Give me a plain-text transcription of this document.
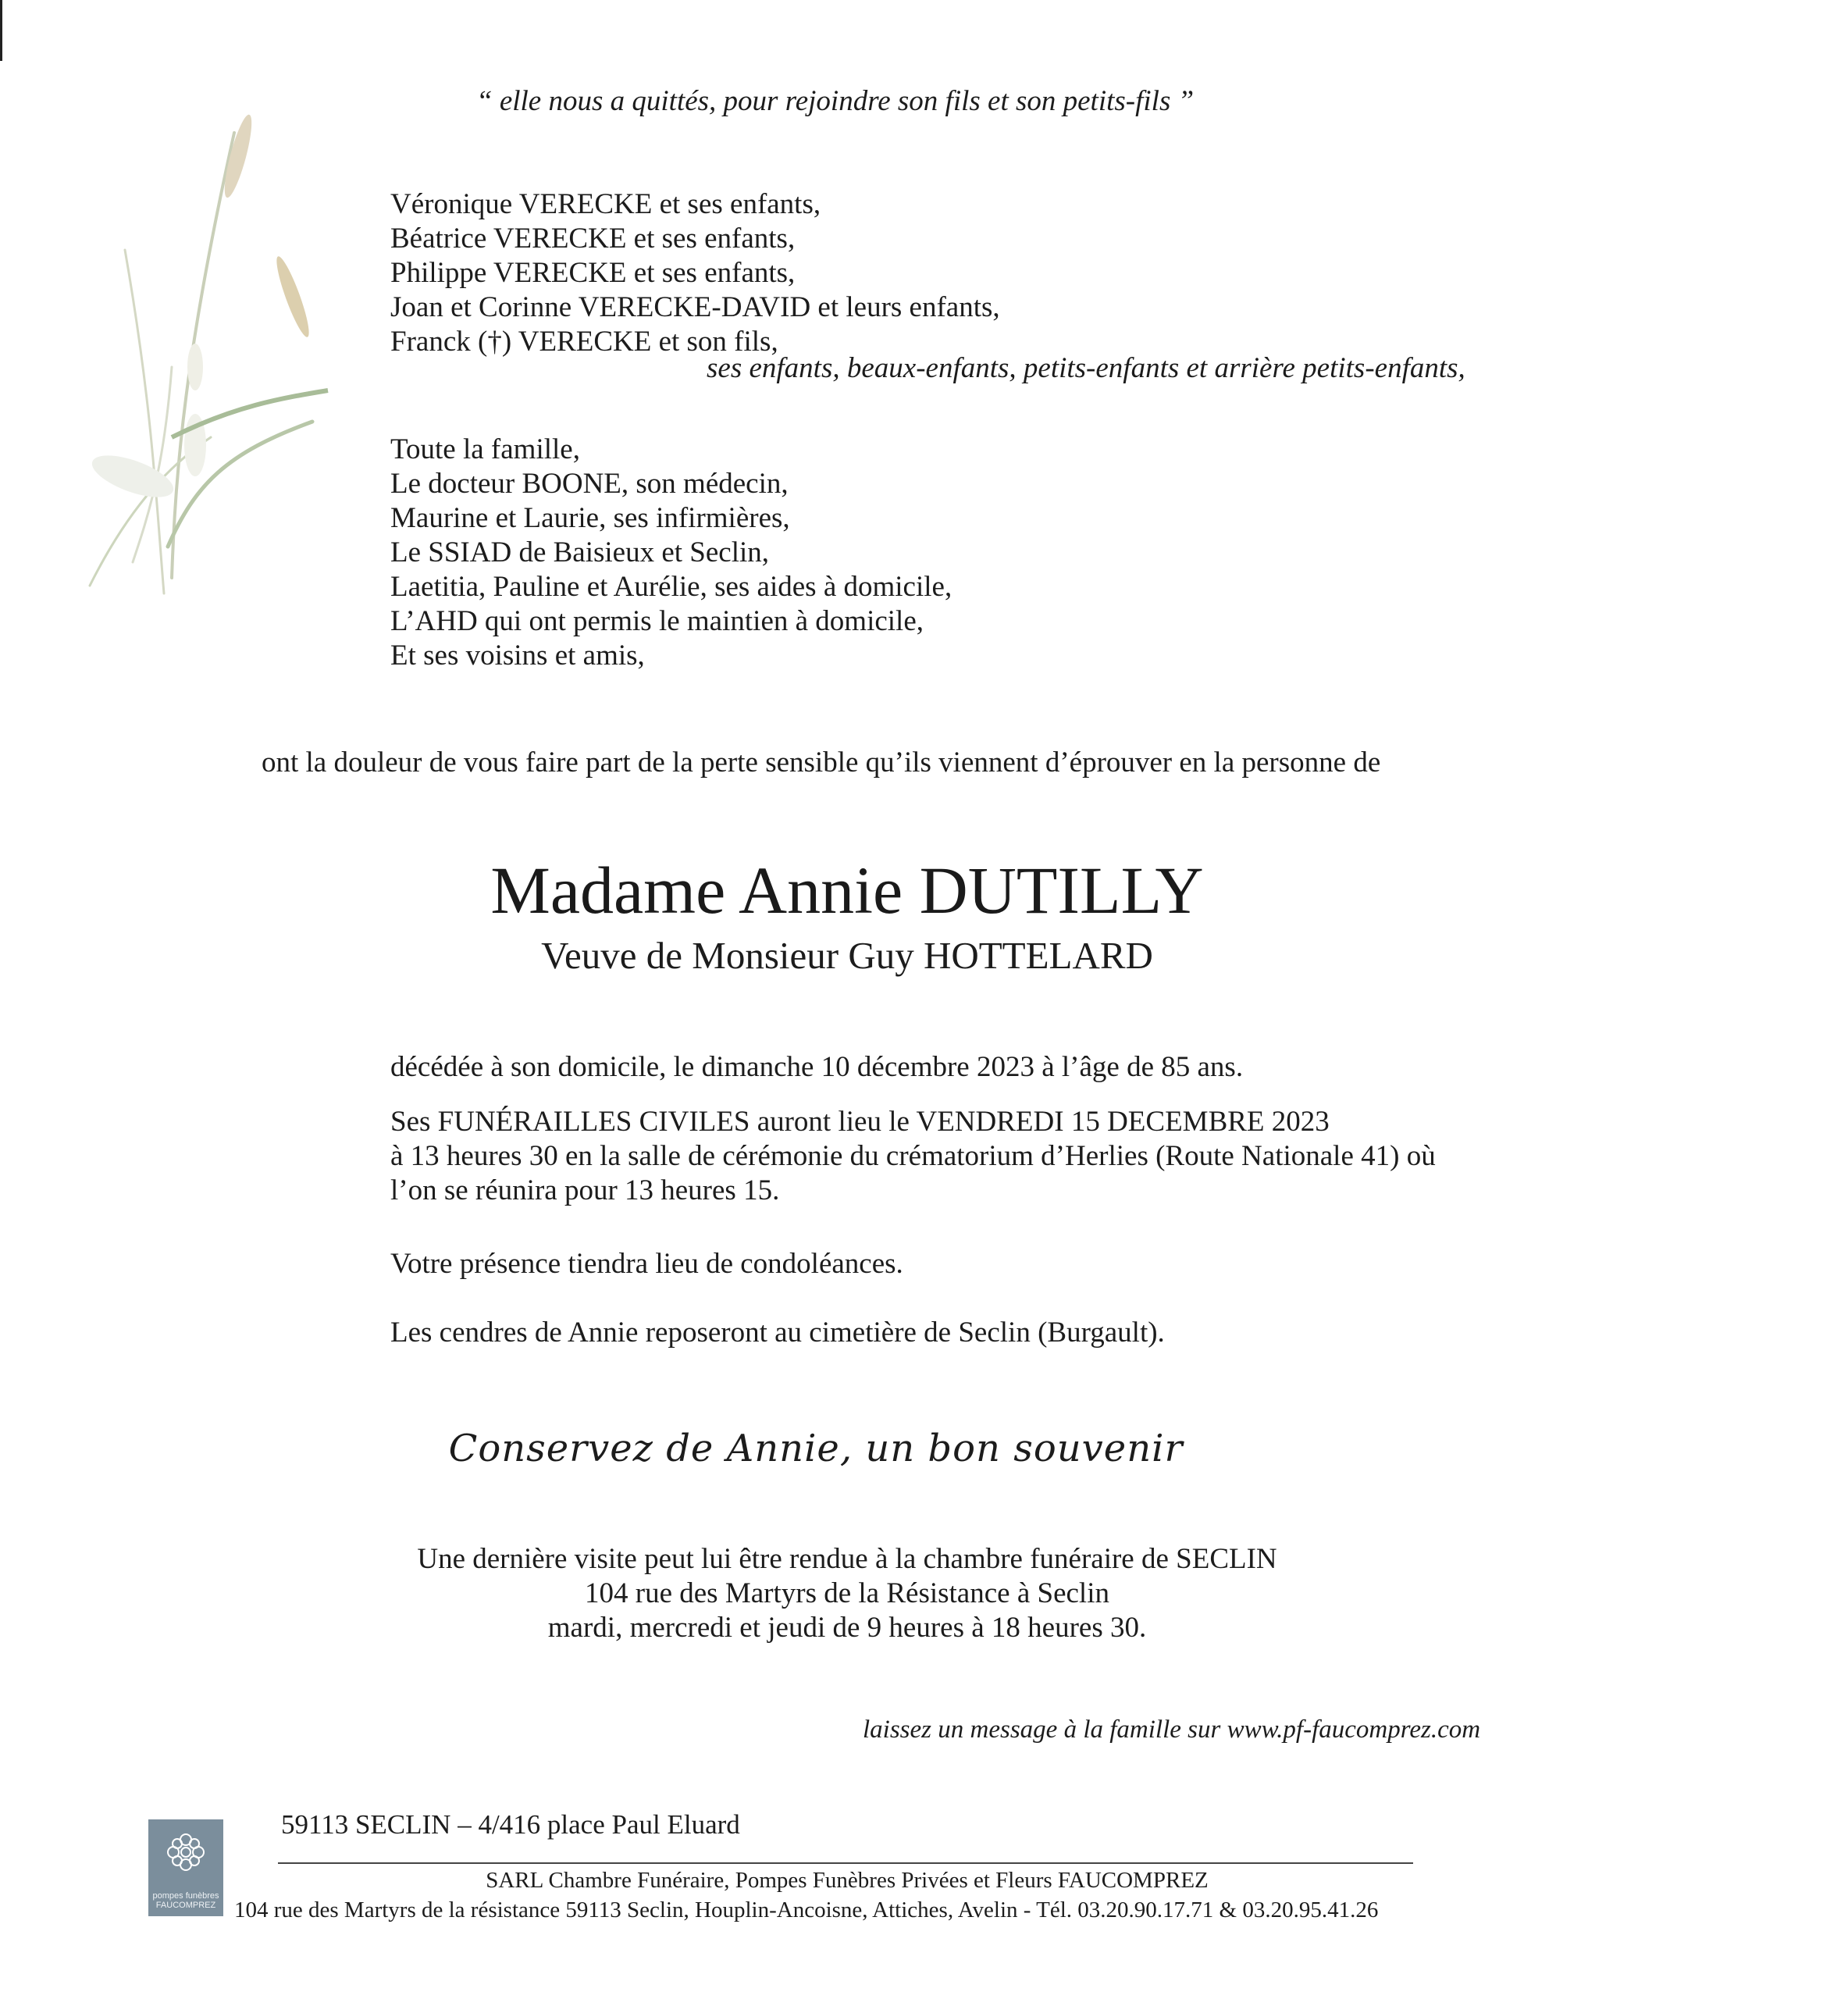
“ elle nous a quittés, pour rejoindre son fils et son petits-fils ”
Véronique VERECKE et ses enfants,
Béatrice VERECKE et ses enfants,
Philippe VERECKE et ses enfants,
Joan et Corinne VERECKE-DAVID et leurs enfants,
Franck (†) VERECKE et son fils,
ses enfants, beaux-enfants, petits-enfants et arrière petits-enfants,
Toute la famille,
Le docteur BOONE, son médecin,
Maurine et Laurie, ses infirmières,
Le SSIAD de Baisieux et Seclin,
Laetitia, Pauline et Aurélie, ses aides à domicile,
L’AHD qui ont permis le maintien à domicile,
Et ses voisins et amis,
ont la douleur de vous faire part de la perte sensible qu’ils viennent d’éprouver en la personne de
Madame Annie DUTILLY
Veuve de Monsieur Guy HOTTELARD
décédée à son domicile, le dimanche 10 décembre 2023 à l’âge de 85 ans.
Ses FUNÉRAILLES CIVILES auront lieu le VENDREDI 15 DECEMBRE 2023
à 13 heures 30 en la salle de cérémonie du crématorium d’Herlies (Route Nationale 41) où
l’on se réunira pour 13 heures 15.
Votre présence tiendra lieu de condoléances.
Les cendres de Annie reposeront au cimetière de Seclin (Burgault).
Conservez de Annie, un bon souvenir
Une dernière visite peut lui être rendue à la chambre funéraire de SECLIN
104 rue des Martyrs de la Résistance à Seclin
mardi, mercredi et jeudi de 9 heures à 18 heures 30.
laissez un message à la famille sur www.pf-faucomprez.com
59113 SECLIN – 4/416 place Paul Eluard
pompes funèbres
FAUCOMPREZ
SARL Chambre Funéraire, Pompes Funèbres Privées et Fleurs FAUCOMPREZ
104 rue des Martyrs de la résistance 59113 Seclin, Houplin-Ancoisne, Attiches, Avelin - Tél. 03.20.90.17.71 & 03.20.95.41.26
